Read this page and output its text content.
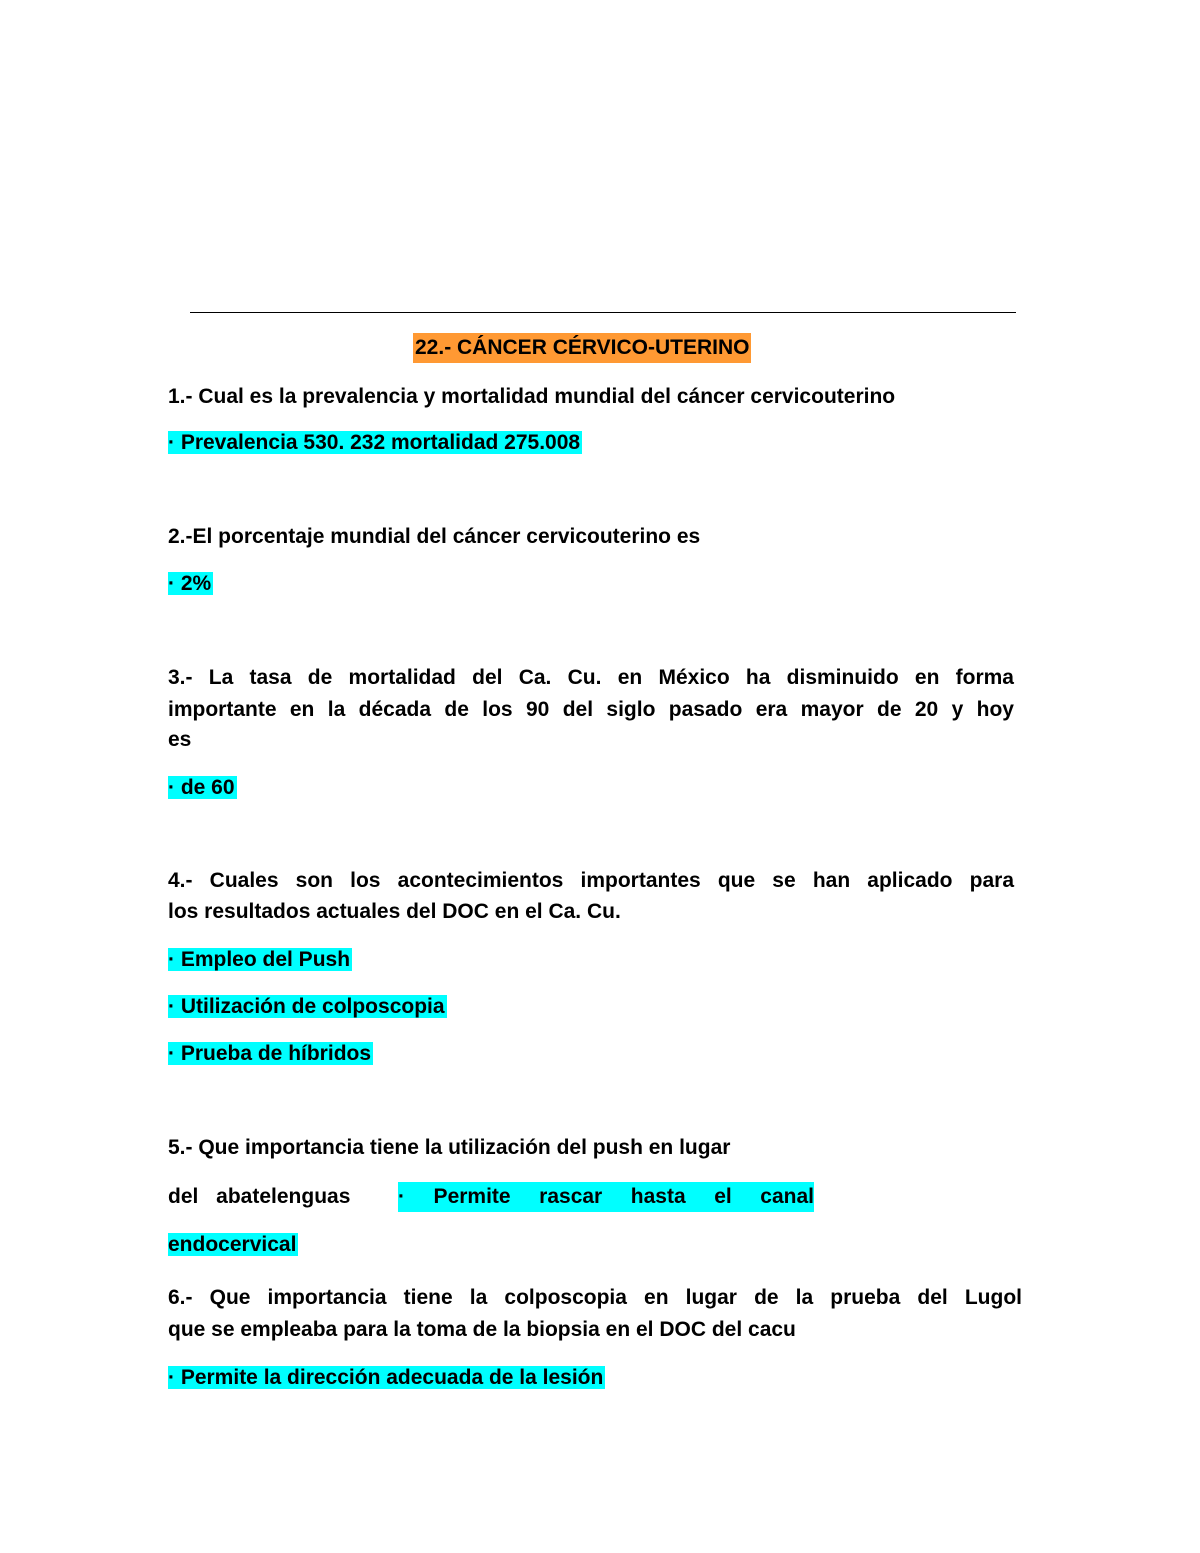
22.- CÁNCER CÉRVICO-UTERINO
1.- Cual es la prevalencia y mortalidad mundial del cáncer cervicouterino
· Prevalencia 530. 232 mortalidad 275.008
2.-El porcentaje mundial del cáncer cervicouterino es
· 2%
3.- La tasa de mortalidad del Ca. Cu. en México ha disminuido en forma
importante en la década de los 90 del siglo pasado era mayor de 20 y hoy
es
· de 60
4.- Cuales son los acontecimientos importantes que se han aplicado para
los resultados actuales del DOC en el Ca. Cu.
· Empleo del Push
· Utilización de colposcopia
· Prueba de híbridos
5.- Que importancia tiene la utilización del push en lugar
del abatelenguas · Permite rascar hasta el canal
endocervical
6.- Que importancia tiene la colposcopia en lugar de la prueba del Lugol
que se empleaba para la toma de la biopsia en el DOC del cacu
· Permite la dirección adecuada de la lesión
